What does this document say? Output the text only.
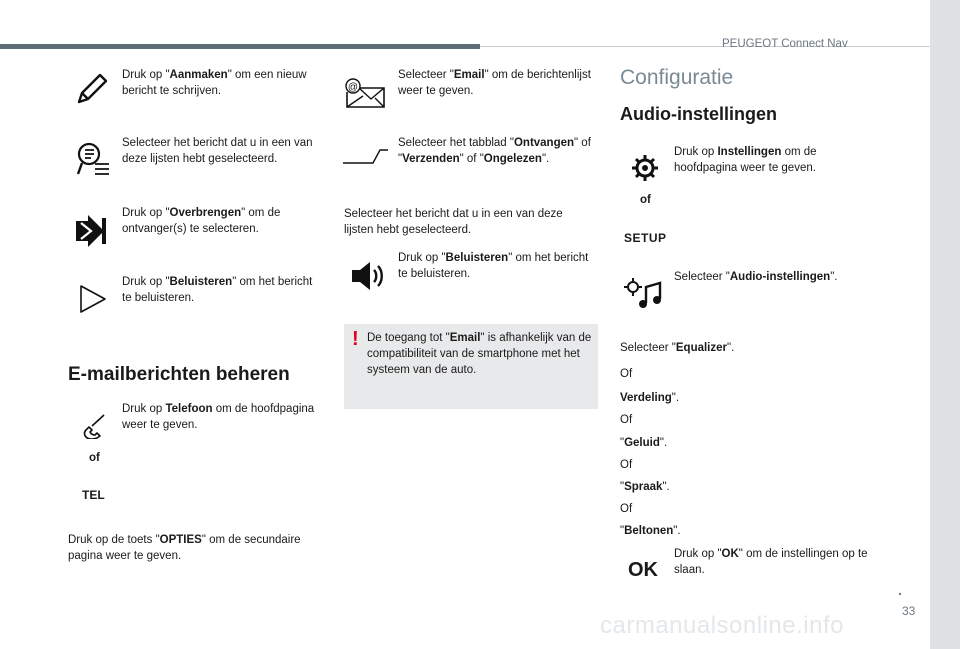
PEUGEOT Connect Nav
Druk op "Aanmaken" om een nieuw bericht te schrijven.
Selecteer het bericht dat u in een van deze lijsten hebt geselecteerd.
Druk op "Overbrengen" om de ontvanger(s) te selecteren.
Druk op "Beluisteren" om het bericht te beluisteren.
E-mailberichten beheren
Druk op Telefoon om de hoofdpagina weer te geven.
of
TEL
Druk op de toets "OPTIES" om de secundaire pagina weer te geven.
@
Selecteer "Email" om de berichtenlijst weer te geven.
Selecteer het tabblad "Ontvangen" of "Verzenden" of "Ongelezen".
Selecteer het bericht dat u in een van deze lijsten hebt geselecteerd.
Druk op "Beluisteren" om het bericht te beluisteren.
! De toegang tot "Email" is afhankelijk van de compatibiliteit van de smartphone met het systeem van de auto.
Configuratie
Audio-instellingen
Druk op Instellingen om de hoofdpagina weer te geven.
of
SETUP
Selecteer "Audio-instellingen".
Selecteer "Equalizer".
Of
Verdeling".
Of
"Geluid".
Of
"Spraak".
Of
"Beltonen".
OK
Druk op "OK" om de instellingen op te slaan.
.
33
carmanualsonline.info
